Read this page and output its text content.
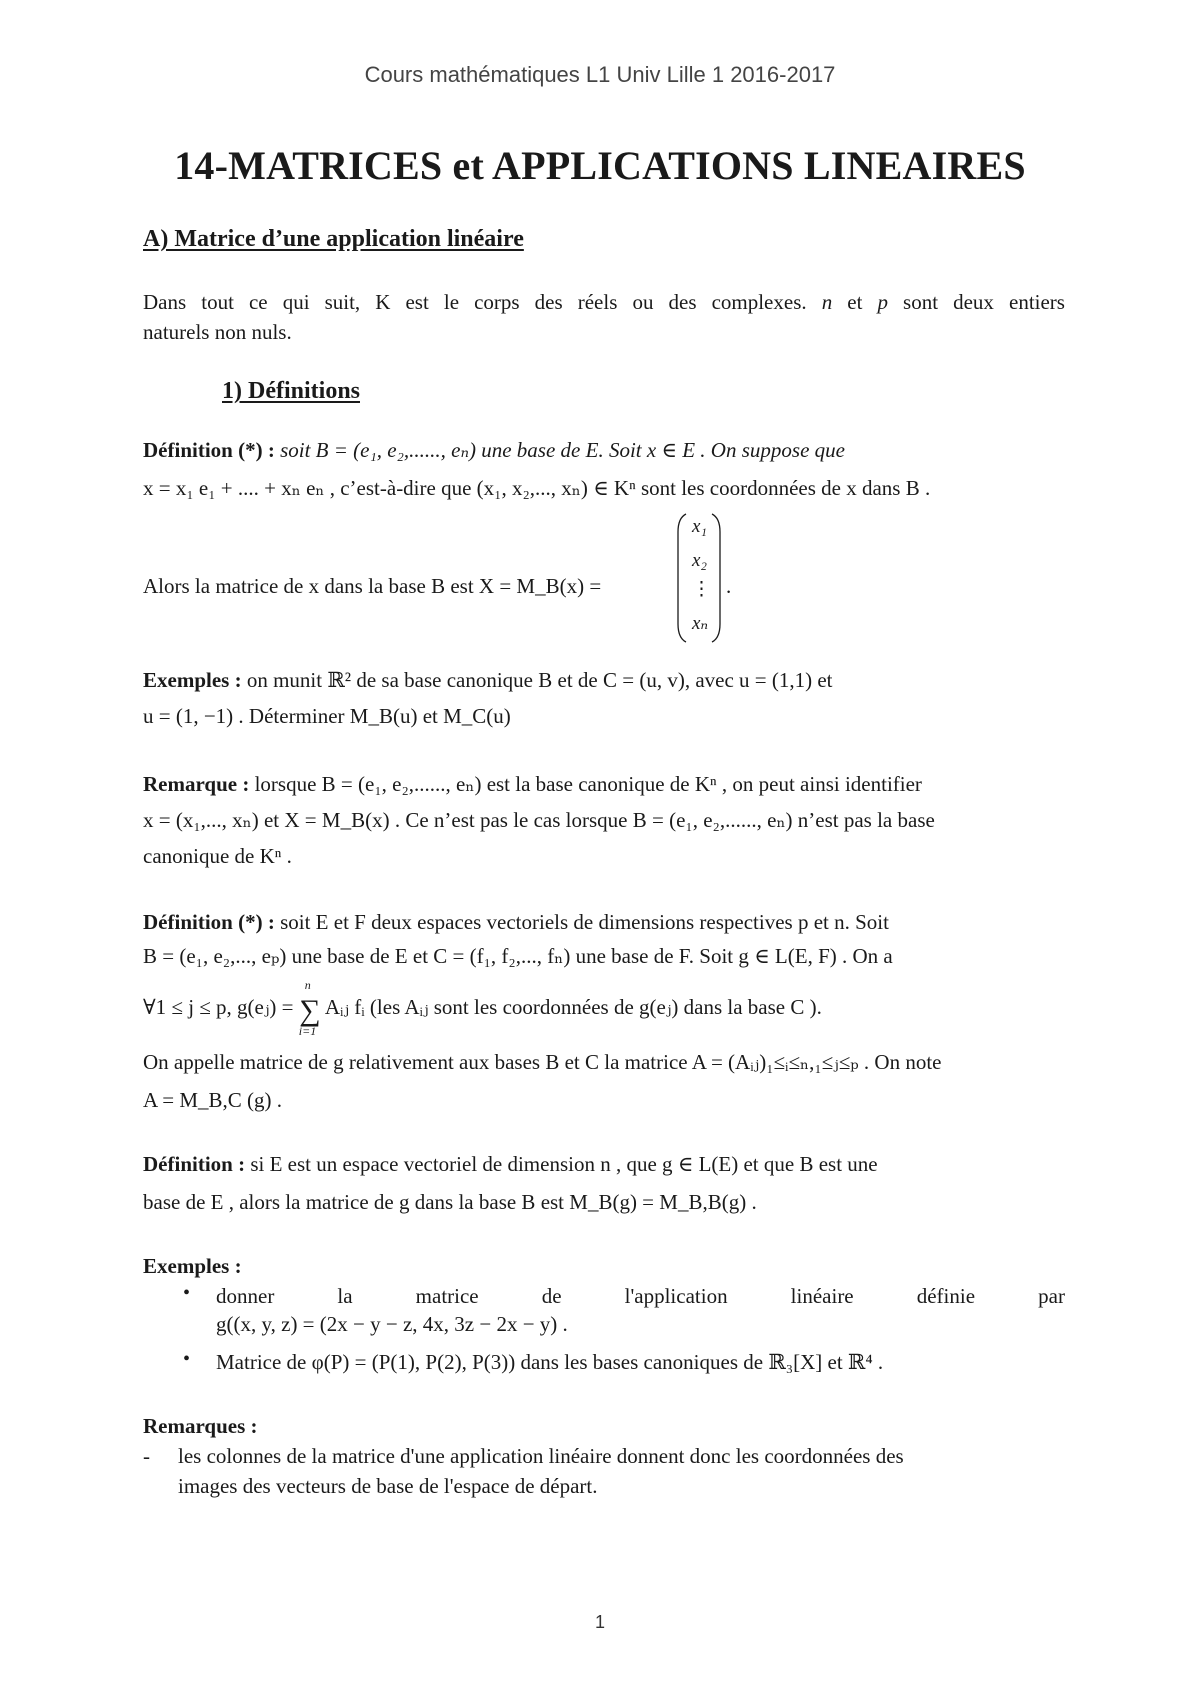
Cours mathématiques L1 Univ Lille 1 2016-2017
14-MATRICES et APPLICATIONS LINEAIRES
A) Matrice d’une application linéaire
Dans tout ce qui suit, K est le corps des réels ou des complexes. n et p sont deux entiers
naturels non nuls.
1) Définitions
Définition (*) : soit B = (e₁, e₂,......, eₙ) une base de E. Soit x ∈ E . On suppose que
x = x₁ e₁ + .... + xₙ eₙ , c’est-à-dire que (x₁, x₂,..., xₙ) ∈ Kⁿ sont les coordonnées de x dans B .
Alors la matrice de x dans la base B est X = M_B(x) =
x₁
x₂
⋮
xₙ
.
Exemples : on munit ℝ² de sa base canonique B et de C = (u, v), avec u = (1,1) et
u = (1, −1) . Déterminer M_B(u) et M_C(u)
Remarque : lorsque B = (e₁, e₂,......, eₙ) est la base canonique de Kⁿ , on peut ainsi identifier
x = (x₁,..., xₙ) et X = M_B(x) . Ce n’est pas le cas lorsque B = (e₁, e₂,......, eₙ) n’est pas la base
canonique de Kⁿ .
Définition (*) : soit E et F deux espaces vectoriels de dimensions respectives p et n. Soit
B = (e₁, e₂,..., eₚ) une base de E et C = (f₁, f₂,..., fₙ) une base de F. Soit g ∈ L(E, F) . On a
∀1 ≤ j ≤ p, g(eⱼ) = ∑
n
i=1
Aᵢⱼ fᵢ (les Aᵢⱼ sont les coordonnées de g(eⱼ) dans la base C ).
On appelle matrice de g relativement aux bases B et C la matrice A = (Aᵢⱼ)₁≤ᵢ≤ₙ,₁≤ⱼ≤ₚ . On note
A = M_B,C (g) .
Définition : si E est un espace vectoriel de dimension n , que g ∈ L(E) et que B est une
base de E , alors la matrice de g dans la base B est M_B(g) = M_B,B(g) .
Exemples :
• donner	la	matrice	de	l'application	linéaire	définie	par
g((x, y, z) = (2x − y − z, 4x, 3z − 2x − y) .
• Matrice de φ(P) = (P(1), P(2), P(3)) dans les bases canoniques de ℝ₃[X] et ℝ⁴ .
Remarques :
-	les colonnes de la matrice d'une application linéaire donnent donc les coordonnées des
images des vecteurs de base de l'espace de départ.
1
